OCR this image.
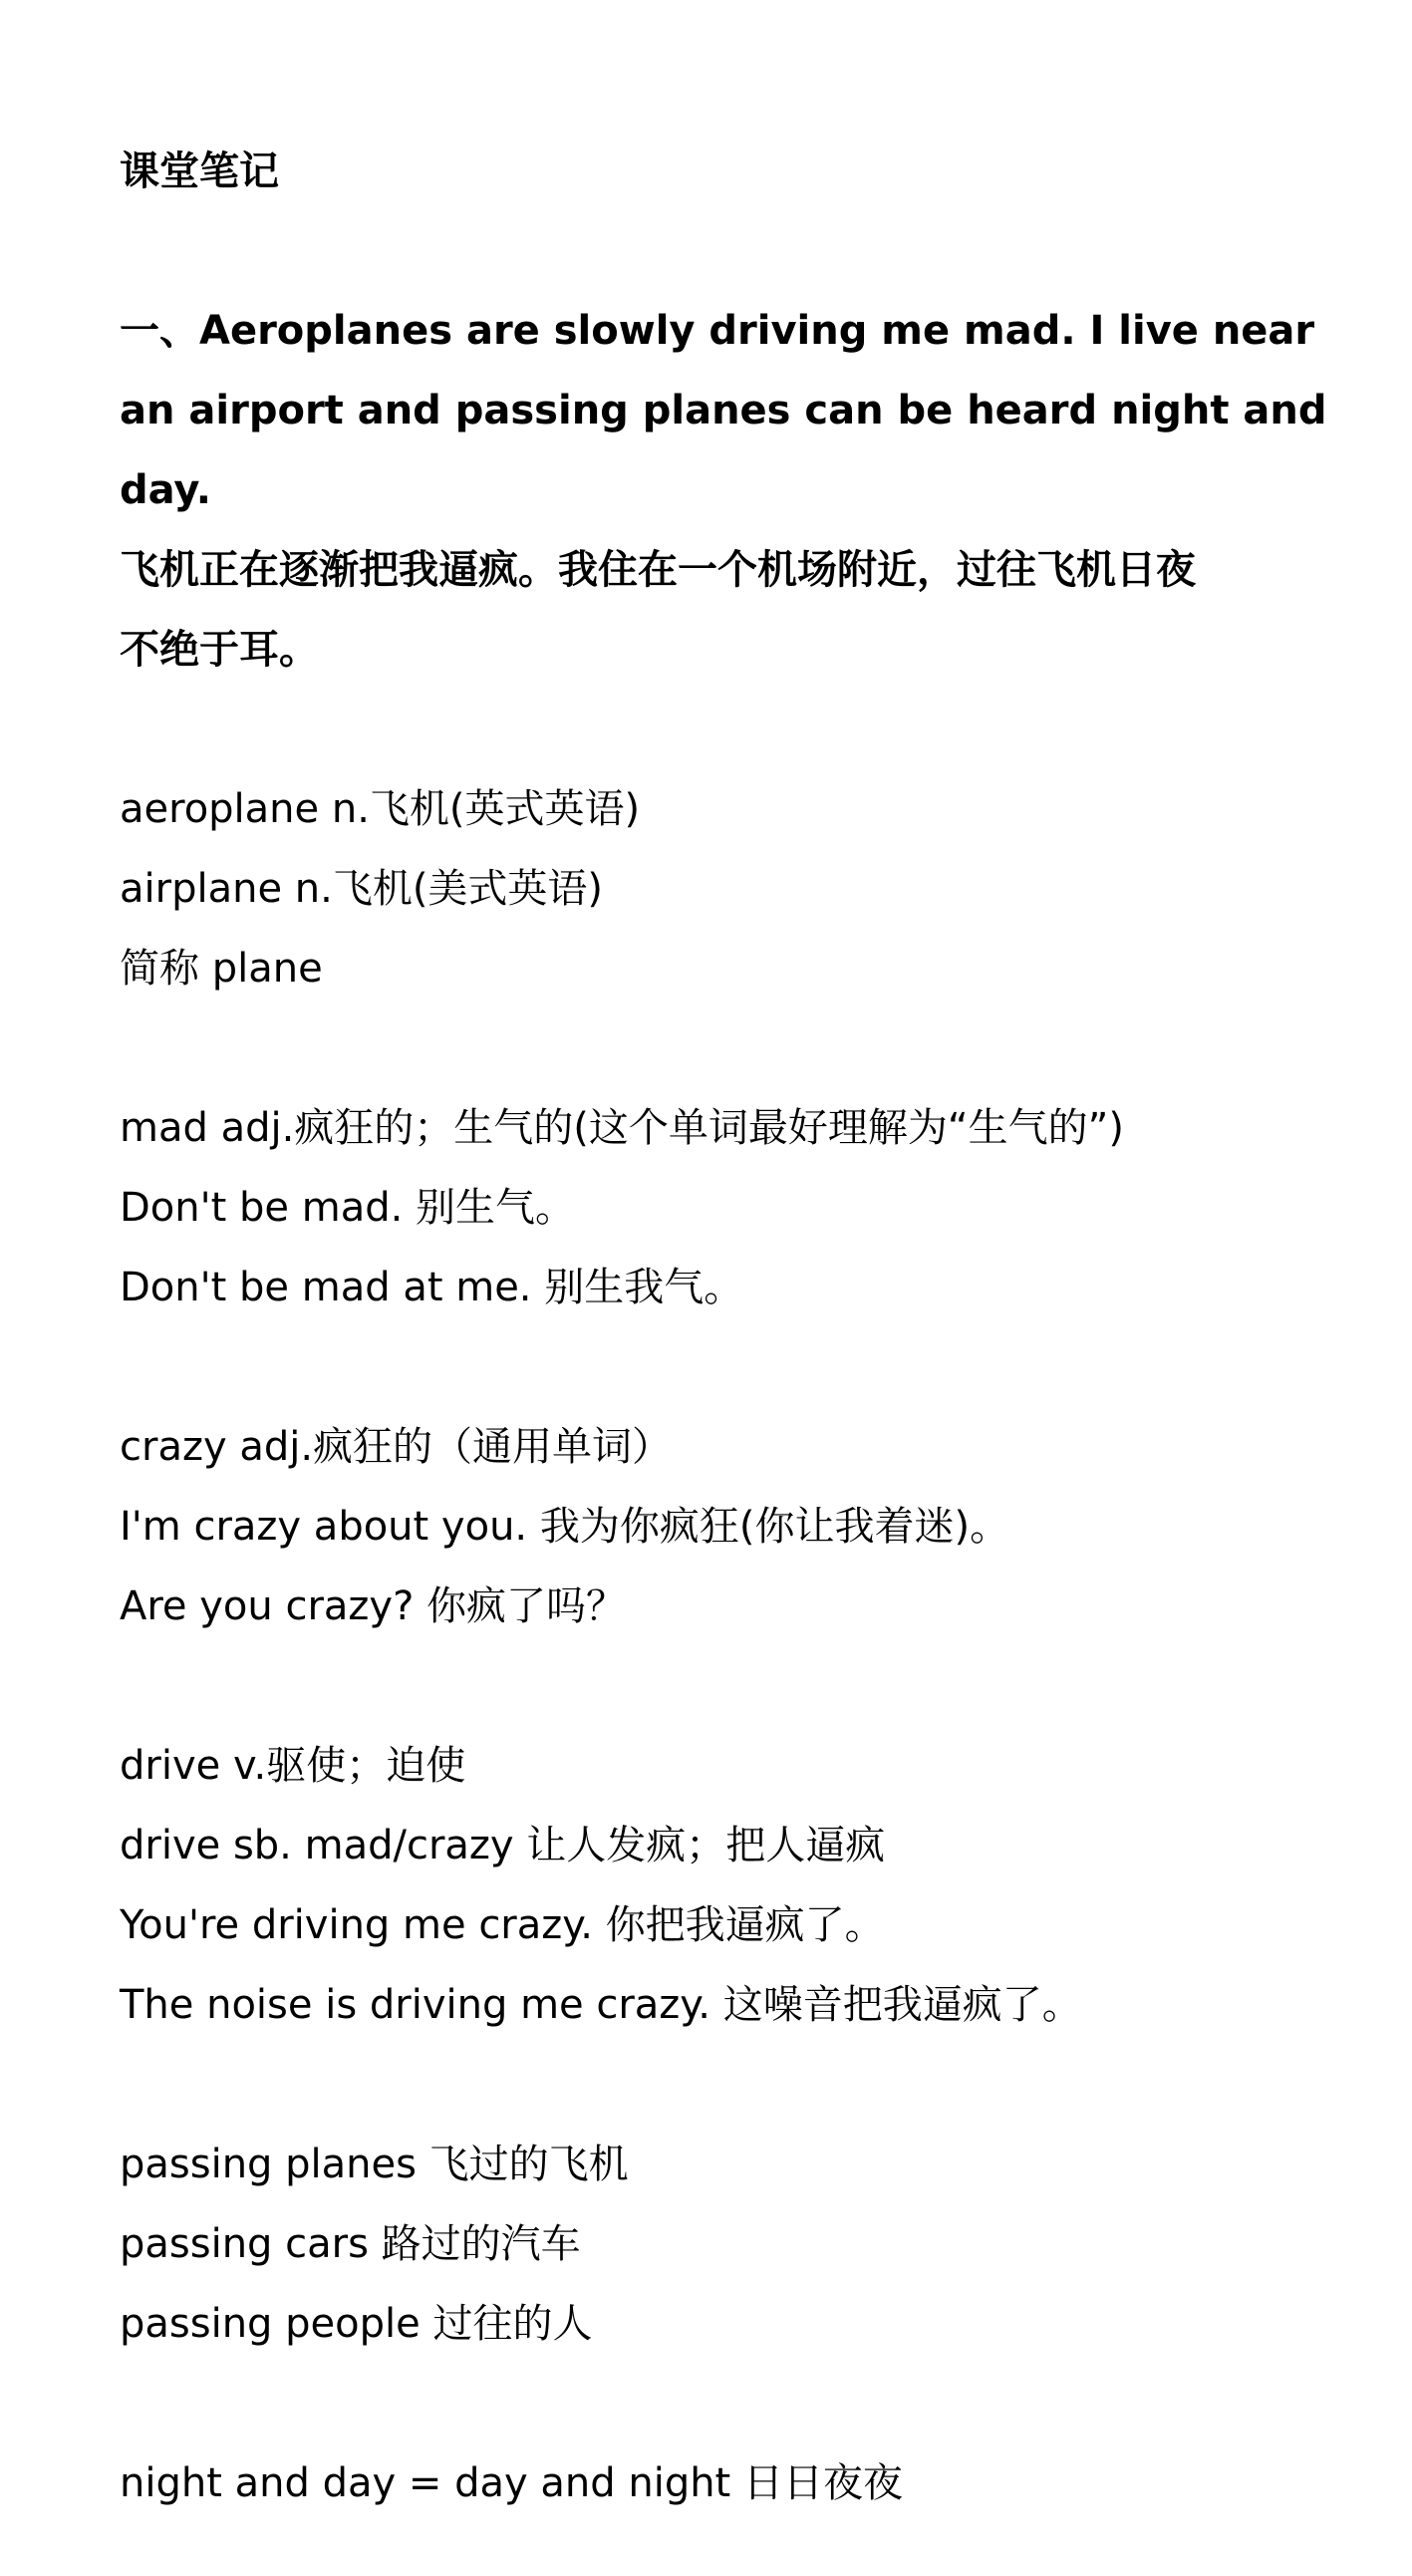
课堂笔记
一、Aeroplanes are slowly driving me mad. I live near
an airport and passing planes can be heard night and
day.
飞机正在逐渐把我逼疯。我住在一个机场附近，过往飞机日夜
不绝于耳。
aeroplane n.飞机(英式英语)
airplane n.飞机(美式英语)
简称 plane
mad adj.疯狂的；生气的(这个单词最好理解为“生气的”)
Don't be mad. 别生气。
Don't be mad at me. 别生我气。
crazy adj.疯狂的（通用单词）
I'm crazy about you. 我为你疯狂(你让我着迷)。
Are you crazy? 你疯了吗？
drive v.驱使；迫使
drive sb. mad/crazy 让人发疯；把人逼疯
You're driving me crazy. 你把我逼疯了。
The noise is driving me crazy. 这噪音把我逼疯了。
passing planes 飞过的飞机
passing cars 路过的汽车
passing people 过往的人
night and day = day and night 日日夜夜
